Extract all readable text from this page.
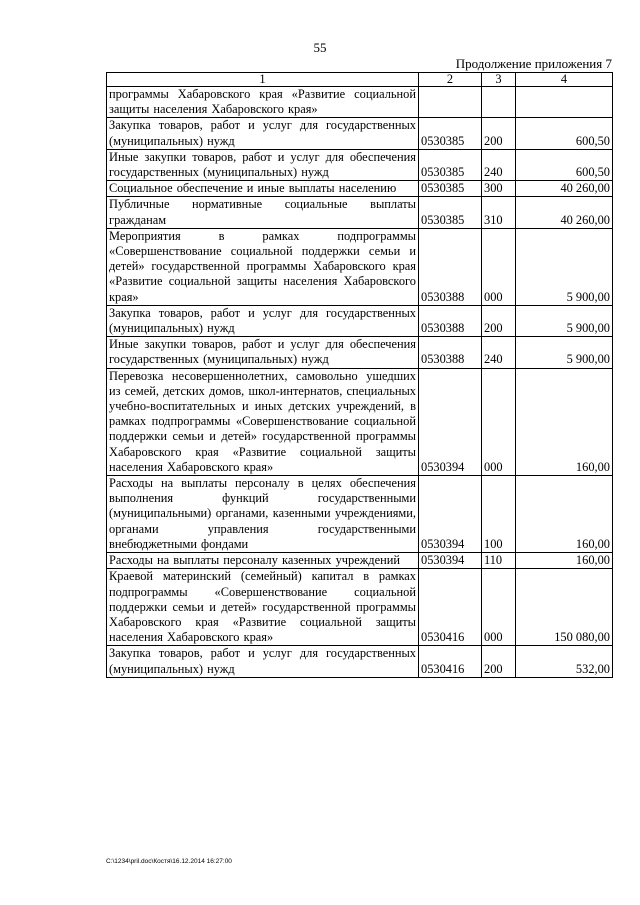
55
Продолжение приложения 7
1	2	3	4
программы Хабаровского края «Развитие социальной защиты населения Хабаровского края»			
Закупка товаров, работ и услуг для государственных (муниципальных) нужд	0530385	200	600,50
Иные закупки товаров, работ и услуг для обеспечения государственных (муниципальных) нужд	0530385	240	600,50
Социальное обеспечение и иные выплаты населению	0530385	300	40 260,00
Публичные нормативные социальные выплаты гражданам	0530385	310	40 260,00
Мероприятия в рамках подпрограммы «Совершенствование социальной поддержки семьи и детей» государственной программы Хабаровского края «Развитие социальной защиты населения Хабаровского края»	0530388	000	5 900,00
Закупка товаров, работ и услуг для государственных (муниципальных) нужд	0530388	200	5 900,00
Иные закупки товаров, работ и услуг для обеспечения государственных (муниципальных) нужд	0530388	240	5 900,00
Перевозка несовершеннолетних, самовольно ушедших из семей, детских домов, школ-интернатов, специальных учебно-воспитательных и иных детских учреждений, в рамках подпрограммы «Совершенствование социальной поддержки семьи и детей» государственной программы Хабаровского края «Развитие социальной защиты населения Хабаровского края»	0530394	000	160,00
Расходы на выплаты персоналу в целях обеспечения выполнения функций государственными (муниципальными) органами, казенными учреждениями, органами управления государственными внебюджетными фондами	0530394	100	160,00
Расходы на выплаты персоналу казенных учреждений	0530394	110	160,00
Краевой материнский (семейный) капитал в рамках подпрограммы «Совершенствование социальной поддержки семьи и детей» государственной программы Хабаровского края «Развитие социальной защиты населения Хабаровского края»	0530416	000	150 080,00
Закупка товаров, работ и услуг для государственных (муниципальных) нужд	0530416	200	532,00
C:\1234\pril.doc\Костя\16.12.2014 16:27:00
